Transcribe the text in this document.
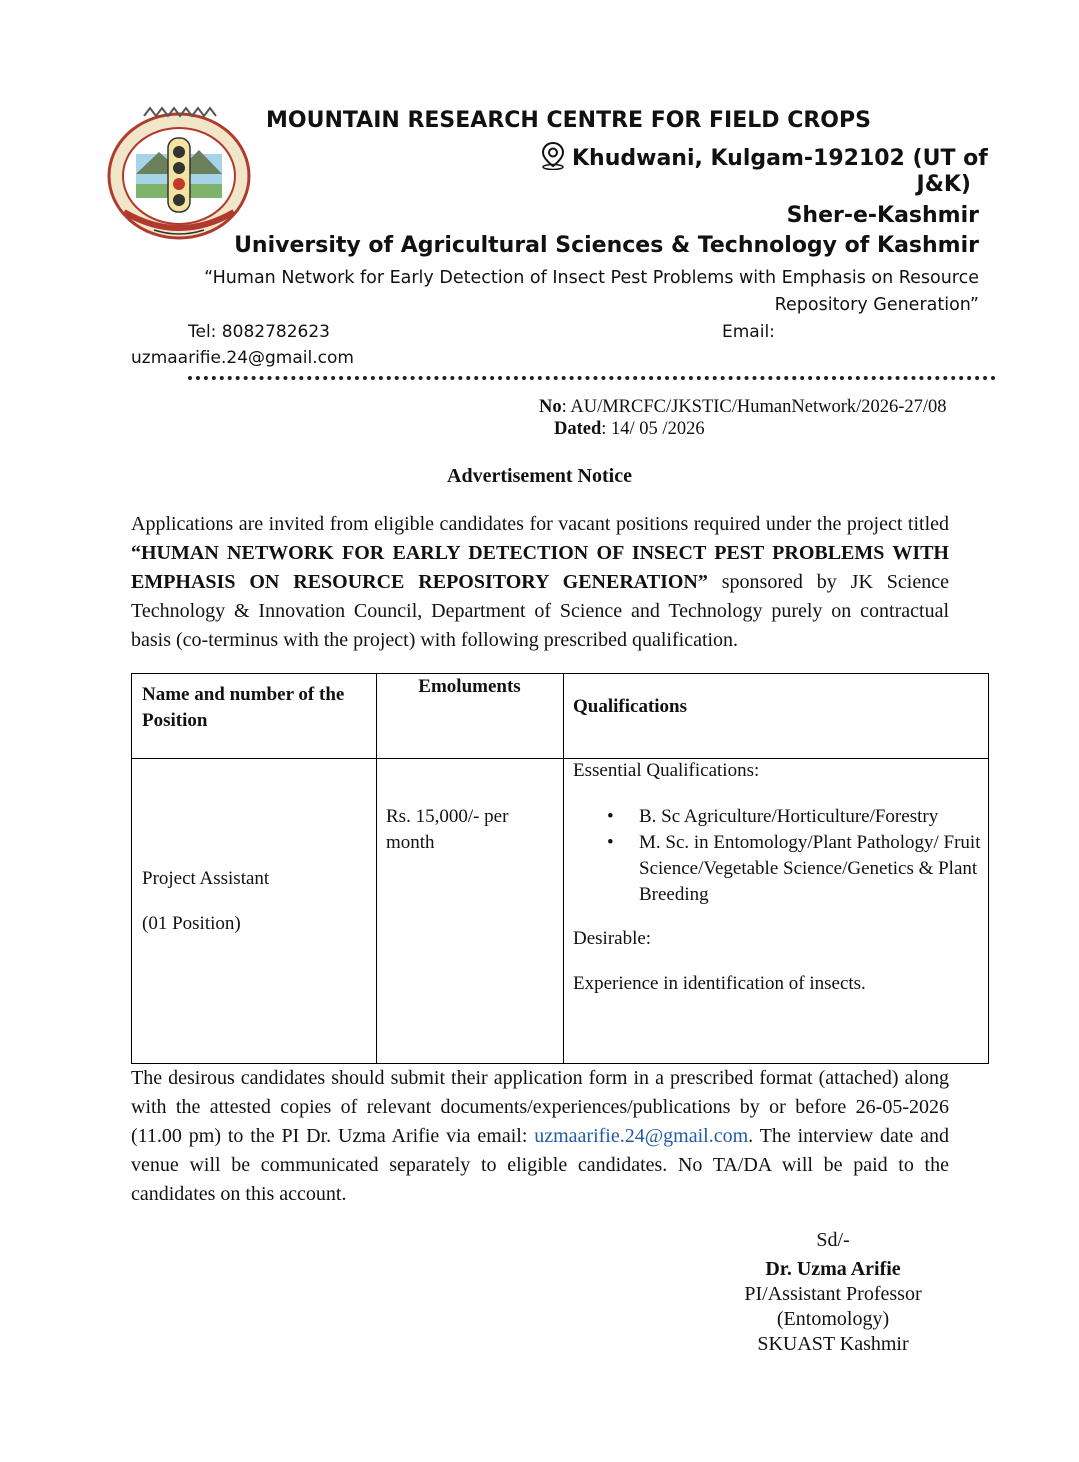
MOUNTAIN RESEARCH CENTRE FOR FIELD CROPS
Khudwani, Kulgam-192102 (UT of
J&K)
Sher-e-Kashmir
University of Agricultural Sciences & Technology of Kashmir
“Human Network for Early Detection of Insect Pest Problems with Emphasis on Resource Repository Generation”
Tel: 8082782623	Email:
uzmaarifie.24@gmail.com
No: AU/MRCFC/JKSTIC/HumanNetwork/2026-27/08
Dated: 14/ 05 /2026
Advertisement Notice
Applications are invited from eligible candidates for vacant positions required under the project titled “HUMAN NETWORK FOR EARLY DETECTION OF INSECT PEST PROBLEMS WITH EMPHASIS ON RESOURCE REPOSITORY GENERATION” sponsored by JK Science Technology & Innovation Council, Department of Science and Technology purely on contractual basis (co-terminus with the project) with following prescribed qualification.
Name and number of the Position
Emoluments
Qualifications
Project Assistant
(01 Position)
Rs. 15,000/- per month
Essential Qualifications:
• B. Sc Agriculture/Horticulture/Forestry
• M. Sc. in Entomology/Plant Pathology/ Fruit Science/Vegetable Science/Genetics & Plant Breeding
Desirable:
Experience in identification of insects.
The desirous candidates should submit their application form in a prescribed format (attached) along with the attested copies of relevant documents/experiences/publications by or before 26-05-2026 (11.00 pm) to the PI Dr. Uzma Arifie via email: uzmaarifie.24@gmail.com. The interview date and venue will be communicated separately to eligible candidates. No TA/DA will be paid to the candidates on this account.
Sd/-
Dr. Uzma Arifie
PI/Assistant Professor
(Entomology)
SKUAST Kashmir
